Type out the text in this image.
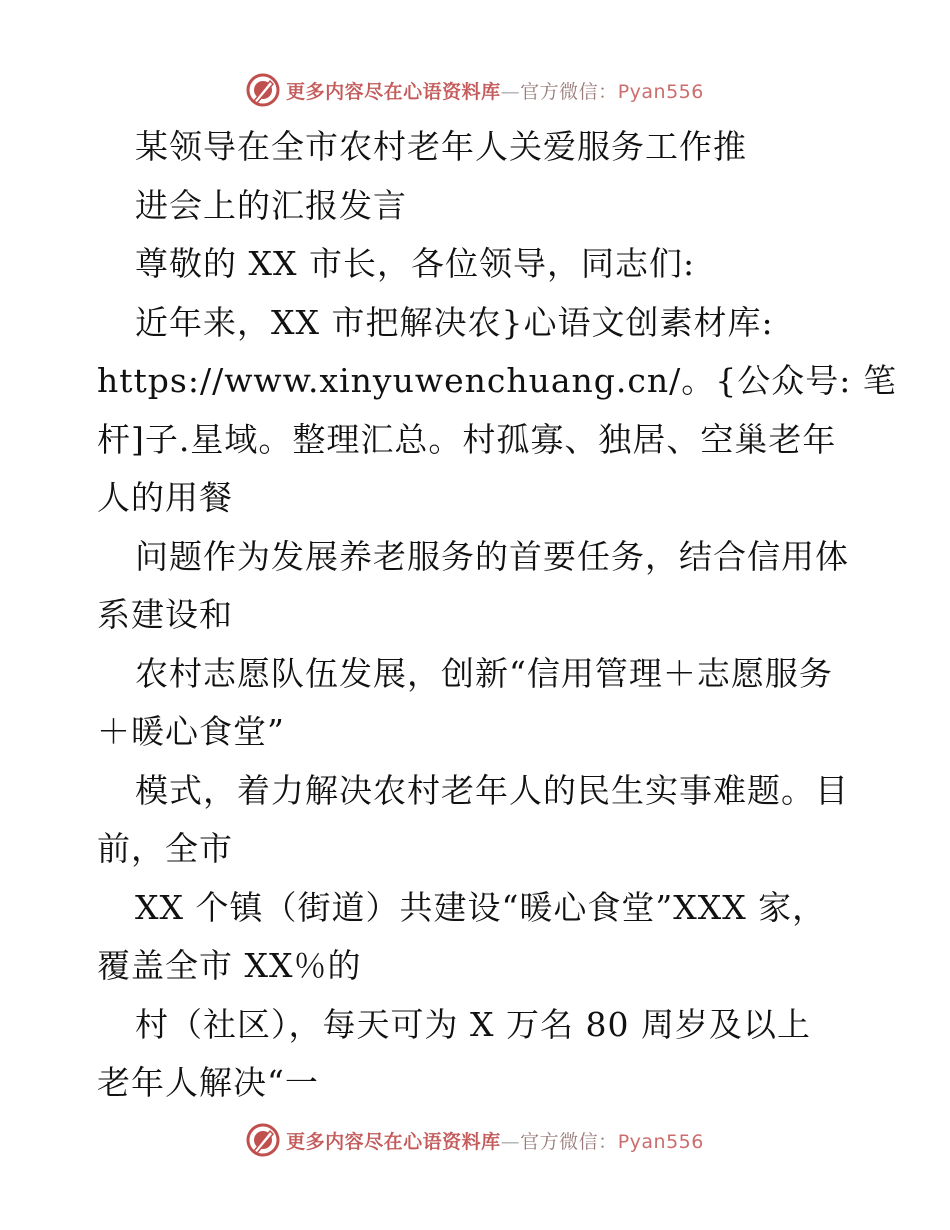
更多内容尽在心语资料库—官方微信：Pyan556
某领导在全市农村老年人关爱服务工作推
进会上的汇报发言
尊敬的 XX 市长，各位领导，同志们:
近年来，XX 市把解决农}心语文创素材库:
https://www.xinyuwenchuang.cn/。{公众号: 笔
杆]子.星域。整理汇总。村孤寡、独居、空巢老年
人的用餐
问题作为发展养老服务的首要任务，结合信用体
系建设和
农村志愿队伍发展，创新“信用管理＋志愿服务
＋暖心食堂”
模式，着力解决农村老年人的民生实事难题。目
前，全市
XX 个镇（街道）共建设“暖心食堂”XXX 家，
覆盖全市 XX％的
村（社区），每天可为 X 万名 80 周岁及以上
老年人解决“一
更多内容尽在心语资料库—官方微信：Pyan556
